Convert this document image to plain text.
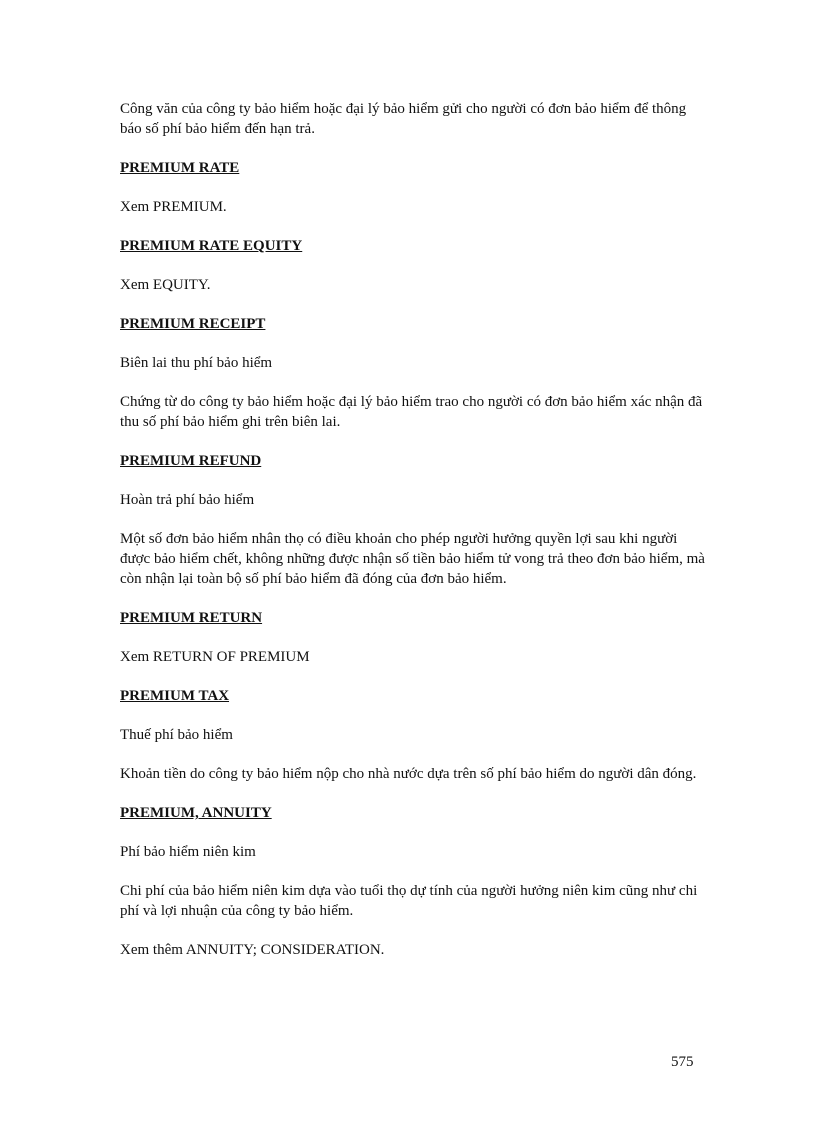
Công văn của công ty bảo hiểm hoặc đại lý bảo hiểm gửi cho người có đơn bảo hiểm để thông báo số phí bảo hiểm đến hạn trả.

PREMIUM RATE

Xem PREMIUM.

PREMIUM RATE EQUITY

Xem EQUITY.

PREMIUM RECEIPT

Biên lai thu phí bảo hiểm

Chứng từ do công ty bảo hiểm hoặc đại lý bảo hiểm trao cho người có đơn bảo hiểm xác nhận đã thu số phí bảo hiểm ghi trên biên lai.

PREMIUM REFUND

Hoàn trả phí bảo hiểm

Một số đơn bảo hiểm nhân thọ có điều khoản cho phép người hưởng quyền lợi sau khi người được bảo hiểm chết, không những được nhận số tiền bảo hiểm tử vong trả theo đơn bảo hiểm, mà còn nhận lại toàn bộ số phí bảo hiểm đã đóng của đơn bảo hiểm.

PREMIUM RETURN

Xem RETURN OF PREMIUM

PREMIUM TAX

Thuế phí bảo hiểm

Khoản tiền do công ty bảo hiểm nộp cho nhà nước dựa trên số phí bảo hiểm do người dân đóng.

PREMIUM, ANNUITY

Phí bảo hiểm niên kim

Chi phí của bảo hiểm niên kim dựa vào tuổi thọ dự tính của người hưởng niên kim cũng như chi phí và lợi nhuận của công ty bảo hiểm.

Xem thêm ANNUITY; CONSIDERATION.

575
